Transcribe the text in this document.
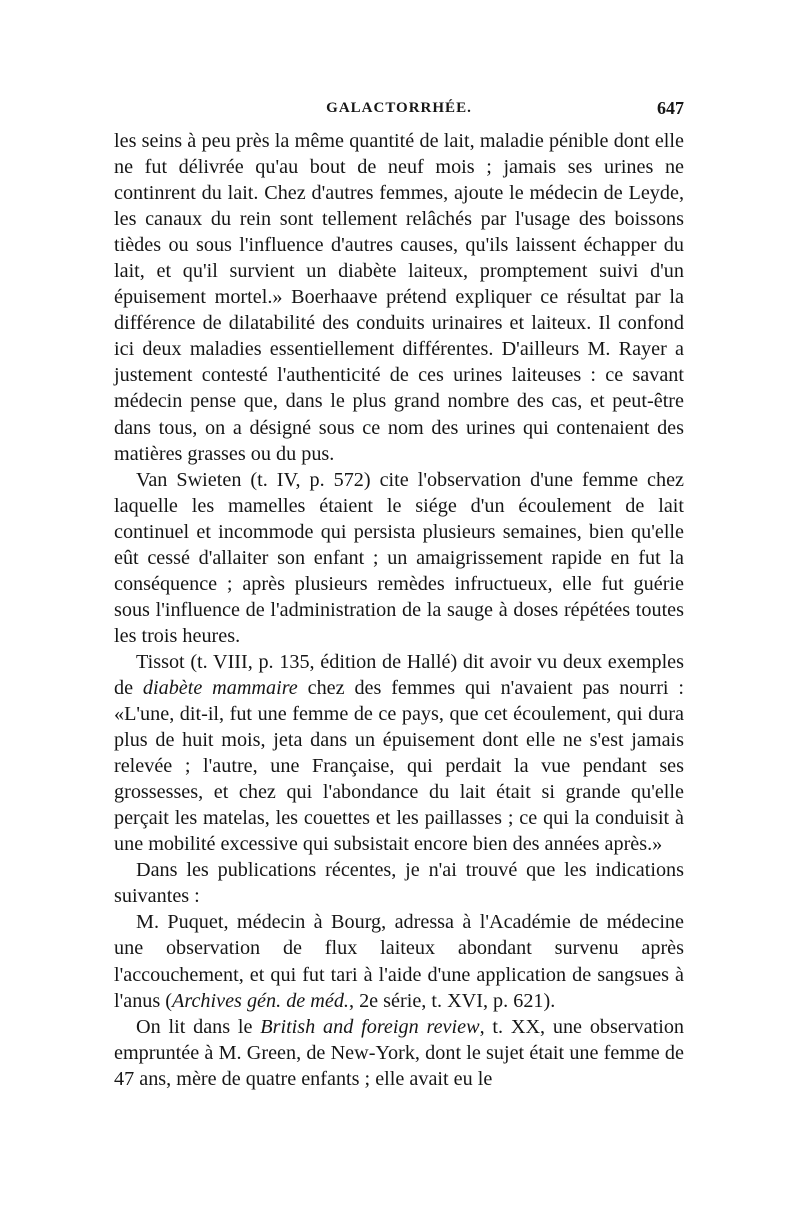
GALACTORRHÉE.	647

les seins à peu près la même quantité de lait, maladie pénible dont elle ne fut délivrée qu'au bout de neuf mois ; jamais ses urines ne continrent du lait. Chez d'autres femmes, ajoute le médecin de Leyde, les canaux du rein sont tellement relâchés par l'usage des boissons tièdes ou sous l'influence d'autres causes, qu'ils laissent échapper du lait, et qu'il survient un diabète laiteux, promptement suivi d'un épuisement mortel.» Boerhaave prétend expliquer ce résultat par la différence de dilatabilité des conduits urinaires et laiteux. Il confond ici deux maladies essentiellement différentes. D'ailleurs M. Rayer a justement contesté l'authenticité de ces urines laiteuses : ce savant médecin pense que, dans le plus grand nombre des cas, et peut-être dans tous, on a désigné sous ce nom des urines qui contenaient des matières grasses ou du pus.

Van Swieten (t. IV, p. 572) cite l'observation d'une femme chez laquelle les mamelles étaient le siége d'un écoulement de lait continuel et incommode qui persista plusieurs semaines, bien qu'elle eût cessé d'allaiter son enfant ; un amaigrissement rapide en fut la conséquence ; après plusieurs remèdes infructueux, elle fut guérie sous l'influence de l'administration de la sauge à doses répétées toutes les trois heures.

Tissot (t. VIII, p. 135, édition de Hallé) dit avoir vu deux exemples de diabète mammaire chez des femmes qui n'avaient pas nourri : «L'une, dit-il, fut une femme de ce pays, que cet écoulement, qui dura plus de huit mois, jeta dans un épuisement dont elle ne s'est jamais relevée ; l'autre, une Française, qui perdait la vue pendant ses grossesses, et chez qui l'abondance du lait était si grande qu'elle perçait les matelas, les couettes et les paillasses ; ce qui la conduisit à une mobilité excessive qui subsistait encore bien des années après.»

Dans les publications récentes, je n'ai trouvé que les indications suivantes :

M. Puquet, médecin à Bourg, adressa à l'Académie de médecine une observation de flux laiteux abondant survenu après l'accouchement, et qui fut tari à l'aide d'une application de sangsues à l'anus (Archives gén. de méd., 2e série, t. XVI, p. 621).

On lit dans le British and foreign review, t. XX, une observation empruntée à M. Green, de New-York, dont le sujet était une femme de 47 ans, mère de quatre enfants ; elle avait eu le
